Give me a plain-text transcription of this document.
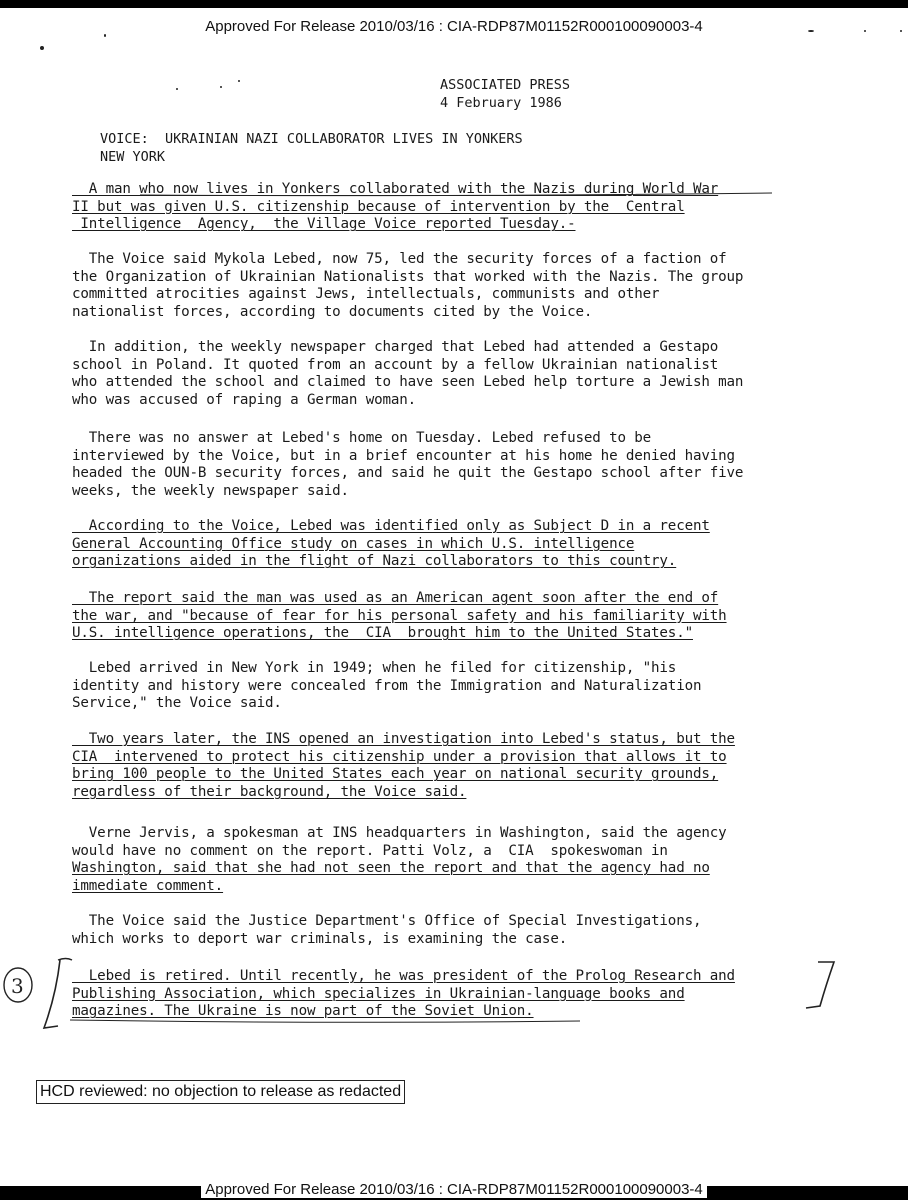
Approved For Release 2010/03/16 : CIA-RDP87M01152R000100090003-4
ASSOCIATED PRESS
4 February 1986
VOICE:  UKRAINIAN NAZI COLLABORATOR LIVES IN YONKERS
NEW YORK
A man who now lives in Yonkers collaborated with the Nazis during World War
II but was given U.S. citizenship because of intervention by the  Central
Intelligence  Agency,  the Village Voice reported Tuesday.-
The Voice said Mykola Lebed, now 75, led the security forces of a faction of
the Organization of Ukrainian Nationalists that worked with the Nazis. The group
committed atrocities against Jews, intellectuals, communists and other
nationalist forces, according to documents cited by the Voice.
In addition, the weekly newspaper charged that Lebed had attended a Gestapo
school in Poland. It quoted from an account by a fellow Ukrainian nationalist
who attended the school and claimed to have seen Lebed help torture a Jewish man
who was accused of raping a German woman.
There was no answer at Lebed's home on Tuesday. Lebed refused to be
interviewed by the Voice, but in a brief encounter at his home he denied having
headed the OUN-B security forces, and said he quit the Gestapo school after five
weeks, the weekly newspaper said.
According to the Voice, Lebed was identified only as Subject D in a recent
General Accounting Office study on cases in which U.S. intelligence
organizations aided in the flight of Nazi collaborators to this country.
The report said the man was used as an American agent soon after the end of
the war, and "because of fear for his personal safety and his familiarity with
U.S. intelligence operations, the  CIA  brought him to the United States."
Lebed arrived in New York in 1949; when he filed for citizenship, "his
identity and history were concealed from the Immigration and Naturalization
Service," the Voice said.
Two years later, the INS opened an investigation into Lebed's status, but the
CIA  intervened to protect his citizenship under a provision that allows it to
bring 100 people to the United States each year on national security grounds,
regardless of their background, the Voice said.
Verne Jervis, a spokesman at INS headquarters in Washington, said the agency
would have no comment on the report. Patti Volz, a  CIA  spokeswoman in
Washington, said that she had not seen the report and that the agency had no
immediate comment.
The Voice said the Justice Department's Office of Special Investigations,
which works to deport war criminals, is examining the case.
Lebed is retired. Until recently, he was president of the Prolog Research and
Publishing Association, which specializes in Ukrainian-language books and
magazines. The Ukraine is now part of the Soviet Union.
3
HCD reviewed: no objection to release as redacted
Approved For Release 2010/03/16 : CIA-RDP87M01152R000100090003-4
